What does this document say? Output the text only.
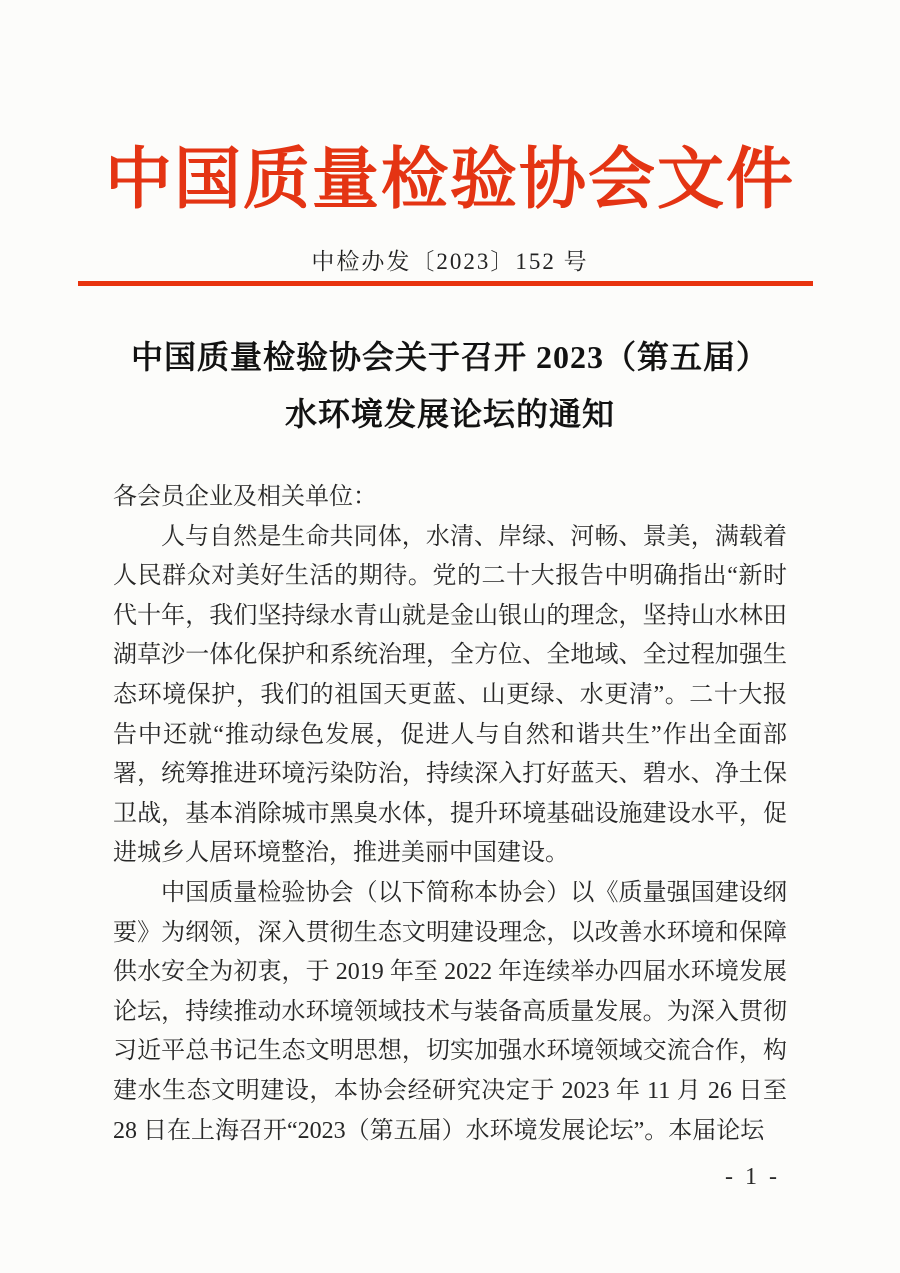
中国质量检验协会文件
中检办发〔2023〕152 号
中国质量检验协会关于召开 2023（第五届）
水环境发展论坛的通知

各会员企业及相关单位：

人与自然是生命共同体，水清、岸绿、河畅、景美，满载着人民群众对美好生活的期待。党的二十大报告中明确指出“新时代十年，我们坚持绿水青山就是金山银山的理念，坚持山水林田湖草沙一体化保护和系统治理，全方位、全地域、全过程加强生态环境保护，我们的祖国天更蓝、山更绿、水更清”。二十大报告中还就“推动绿色发展，促进人与自然和谐共生”作出全面部署，统筹推进环境污染防治，持续深入打好蓝天、碧水、净土保卫战，基本消除城市黑臭水体，提升环境基础设施建设水平，促进城乡人居环境整治，推进美丽中国建设。

中国质量检验协会（以下简称本协会）以《质量强国建设纲要》为纲领，深入贯彻生态文明建设理念，以改善水环境和保障供水安全为初衷，于 2019 年至 2022 年连续举办四届水环境发展论坛，持续推动水环境领域技术与装备高质量发展。为深入贯彻习近平总书记生态文明思想，切实加强水环境领域交流合作，构建水生态文明建设，本协会经研究决定于 2023 年 11 月 26 日至 28 日在上海召开“2023（第五届）水环境发展论坛”。本届论坛

- 1 -
